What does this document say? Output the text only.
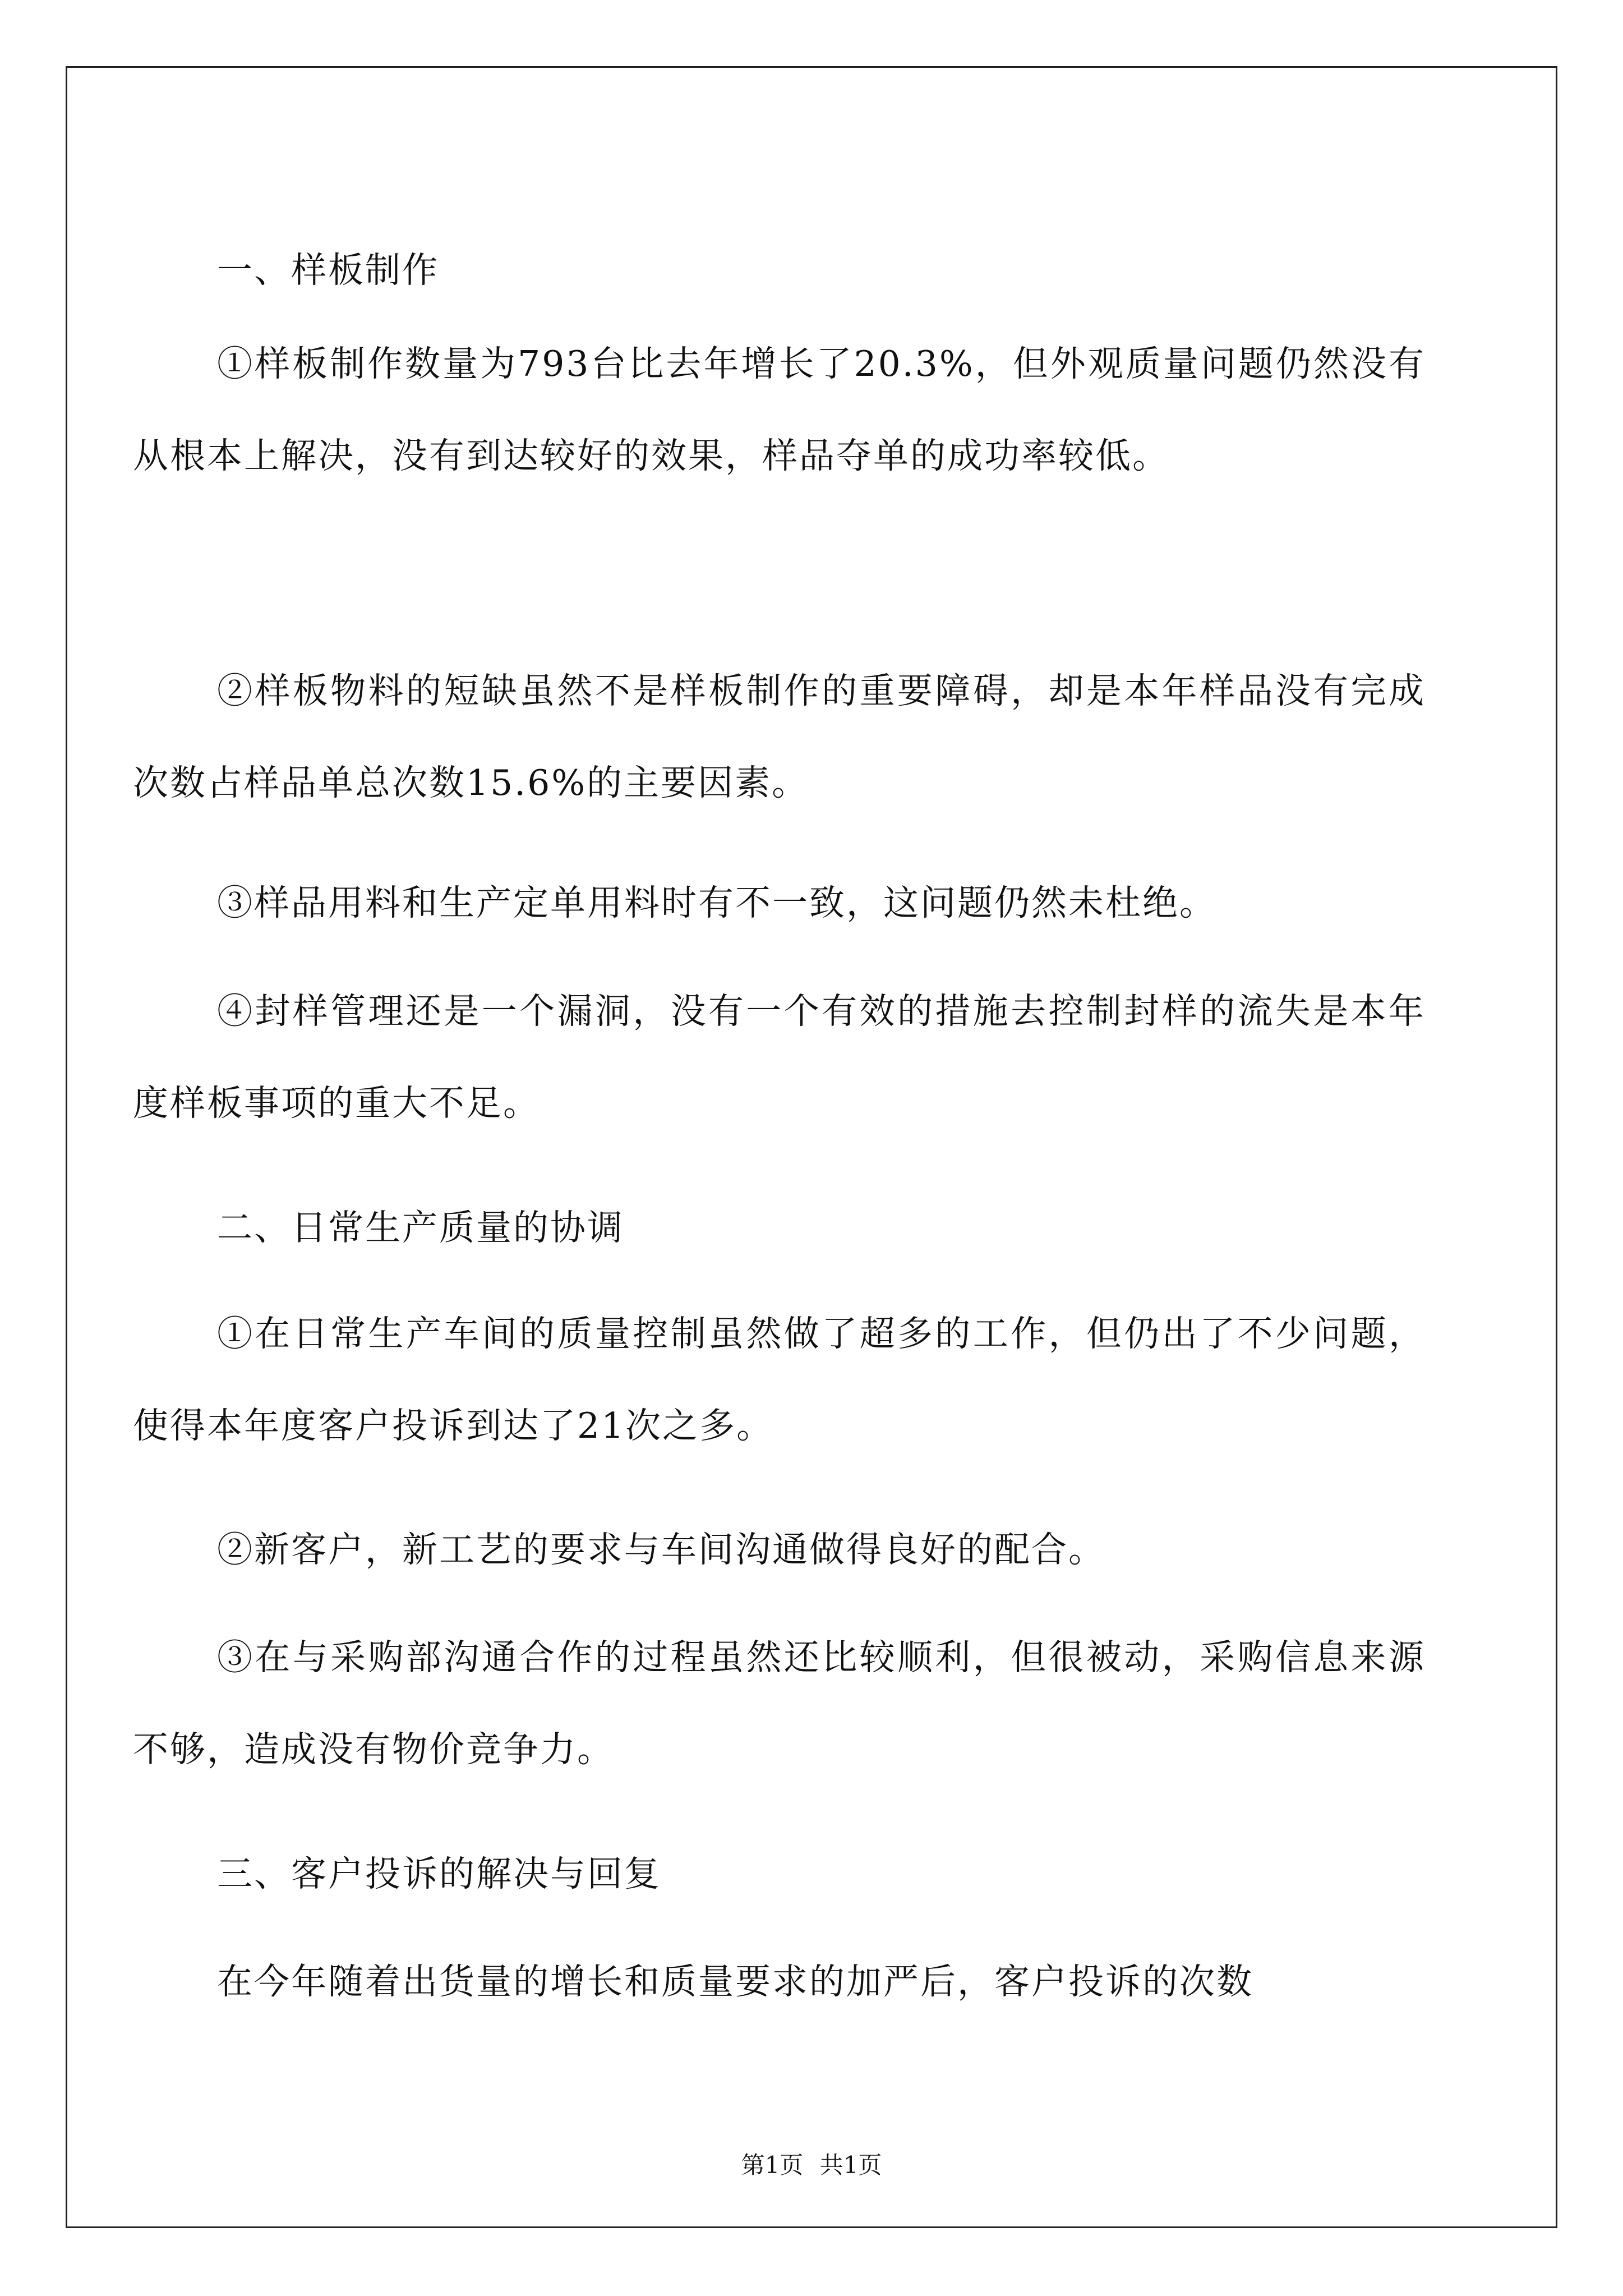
一、样板制作

①样板制作数量为793台比去年增长了20.3%，但外观质量问题仍然没有从根本上解决，没有到达较好的效果，样品夺单的成功率较低。

②样板物料的短缺虽然不是样板制作的重要障碍，却是本年样品没有完成次数占样品单总次数15.6%的主要因素。

③样品用料和生产定单用料时有不一致，这问题仍然未杜绝。

④封样管理还是一个漏洞，没有一个有效的措施去控制封样的流失是本年度样板事项的重大不足。

二、日常生产质量的协调

①在日常生产车间的质量控制虽然做了超多的工作，但仍出了不少问题，使得本年度客户投诉到达了21次之多。

②新客户，新工艺的要求与车间沟通做得良好的配合。

③在与采购部沟通合作的过程虽然还比较顺利，但很被动，采购信息来源不够，造成没有物价竞争力。

三、客户投诉的解决与回复

在今年随着出货量的增长和质量要求的加严后，客户投诉的次数

第1页 共1页
